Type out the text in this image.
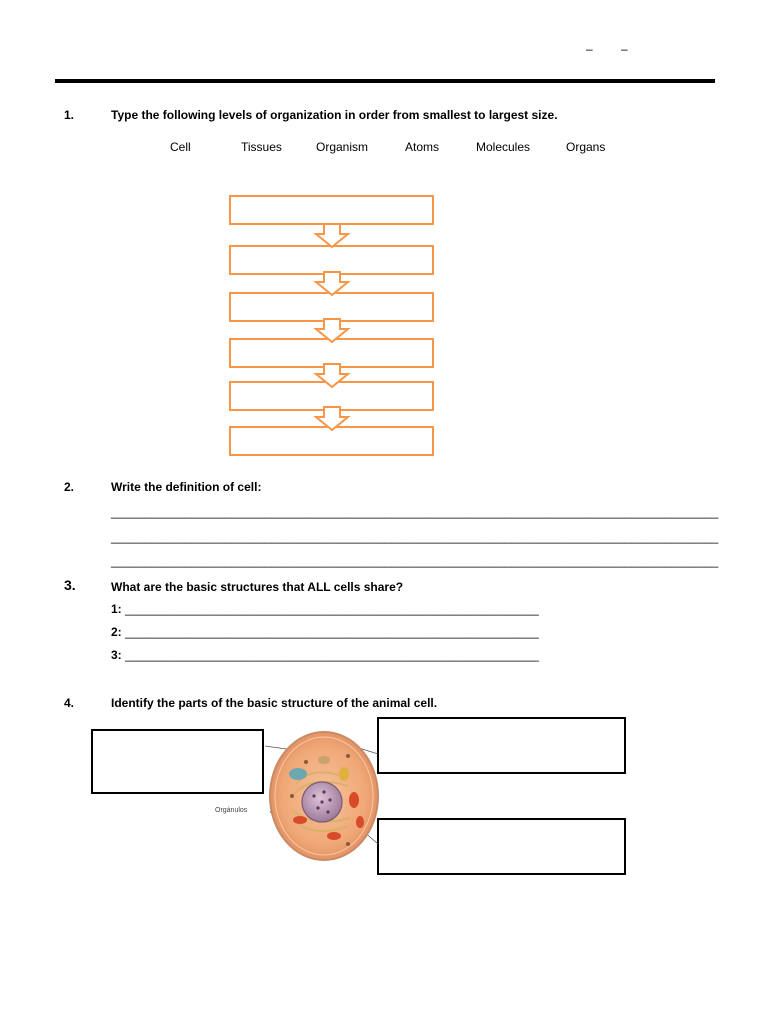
– –
1.	Type the following levels of organization in order from smallest to largest size.
Cell	Tissues	Organism	Atoms	Molecules	Organs
2.	Write the definition of cell:
___________________________________________________________________________________________
___________________________________________________________________________________________
___________________________________________________________________________________________
3.	What are the basic structures that ALL cells share?
1: ______________________________________________________________
2: ______________________________________________________________
3: ______________________________________________________________
4.	Identify the parts of the basic structure of the animal cell.
Orgánulos
